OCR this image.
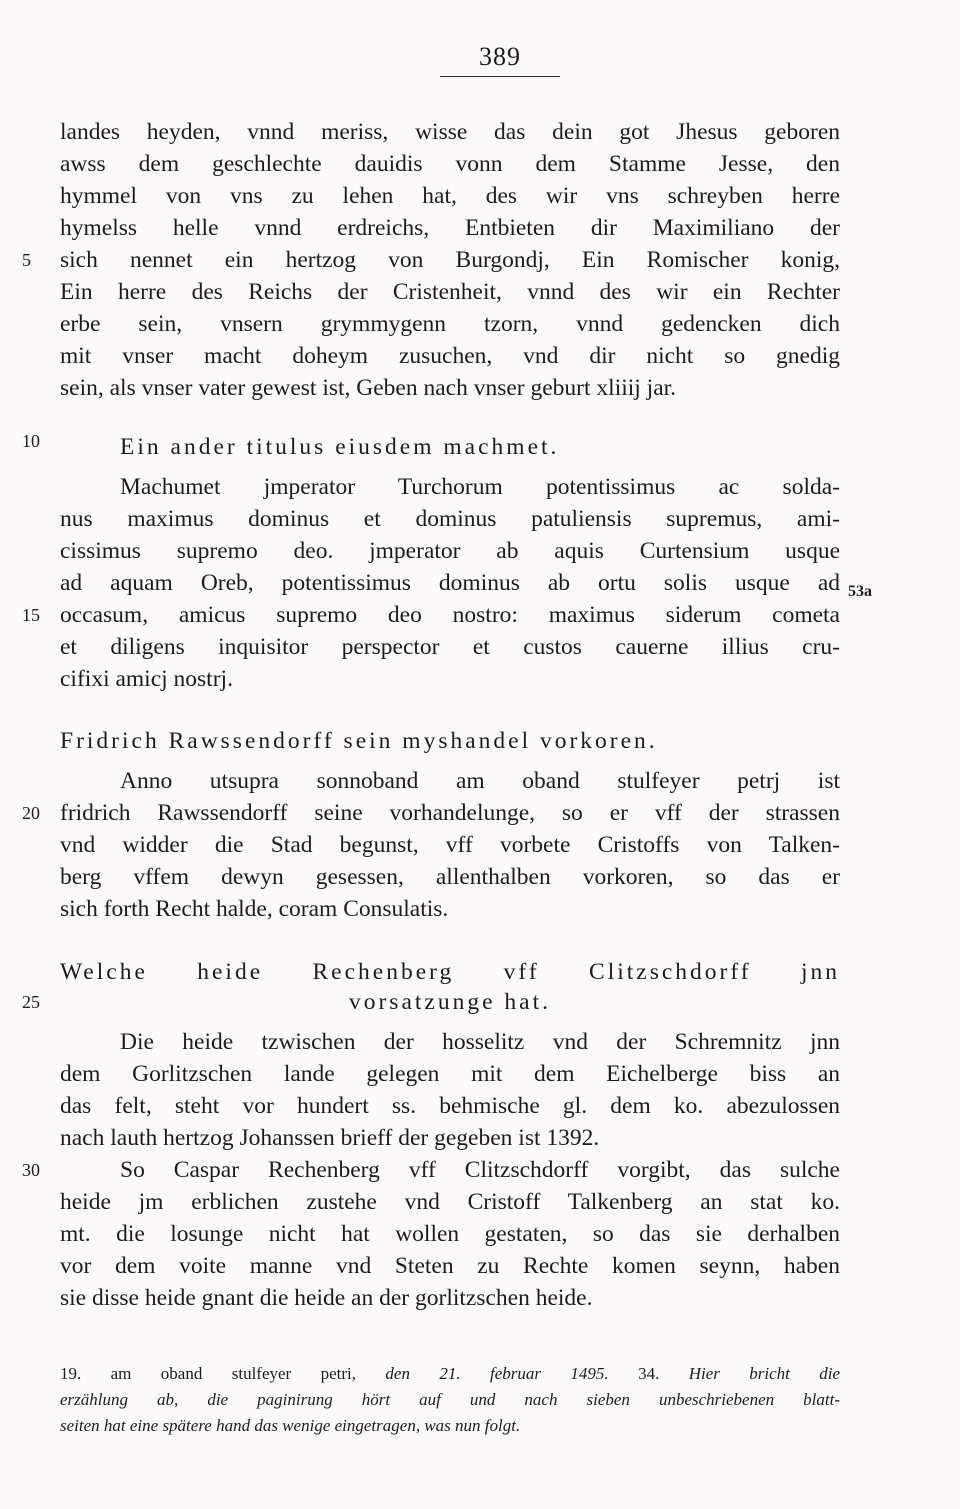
389
landes heyden, vnnd meriss, wisse das dein got Jhesus geboren
awss dem geschlechte dauidis vonn dem Stamme Jesse, den
hymmel von vns zu lehen hat, des wir vns schreyben herre
hymelss helle vnnd erdreichs, Entbieten dir Maximiliano der
sich nennet ein hertzog von Burgondj, Ein Romischer konig,
Ein herre des Reichs der Cristenheit, vnnd des wir ein Rechter
erbe sein, vnsern grymmygenn tzorn, vnnd gedencken dich
mit vnser macht doheym zusuchen, vnd dir nicht so gnedig
sein, als vnser vater gewest ist, Geben nach vnser geburt xliiij jar.
Ein ander titulus eiusdem machmet.
Machumet jmperator Turchorum potentissimus ac solda-
nus maximus dominus et dominus patuliensis supremus, ami-
cissimus supremo deo. jmperator ab aquis Curtensium usque
ad aquam Oreb, potentissimus dominus ab ortu solis usque ad
occasum, amicus supremo deo nostro: maximus siderum cometa
et diligens inquisitor perspector et custos cauerne illius cru-
cifixi amicj nostrj.
Fridrich Rawssendorff sein myshandel vorkoren.
Anno utsupra sonnoband am oband stulfeyer petrj ist
fridrich Rawssendorff seine vorhandelunge, so er vff der strassen
vnd widder die Stad begunst, vff vorbete Cristoffs von Talken-
berg vffem dewyn gesessen, allenthalben vorkoren, so das er
sich forth Recht halde, coram Consulatis.
Welche heide Rechenberg vff Clitzschdorff jnn
vorsatzunge hat.
Die heide tzwischen der hosselitz vnd der Schremnitz jnn
dem Gorlitzschen lande gelegen mit dem Eichelberge biss an
das felt, steht vor hundert ss. behmische gl. dem ko. abezulossen
nach lauth hertzog Johanssen brieff der gegeben ist 1392.
So Caspar Rechenberg vff Clitzschdorff vorgibt, das sulche
heide jm erblichen zustehe vnd Cristoff Talkenberg an stat ko.
mt. die losunge nicht hat wollen gestaten, so das sie derhalben
vor dem voite manne vnd Steten zu Rechte komen seynn, haben
sie disse heide gnant die heide an der gorlitzschen heide.
5
10
15
20
25
30
53a
19. am oband stulfeyer petri, den 21. februar 1495. 34. Hier bricht die
erzählung ab, die paginirung hört auf und nach sieben unbeschriebenen blatt-
seiten hat eine spätere hand das wenige eingetragen, was nun folgt.
